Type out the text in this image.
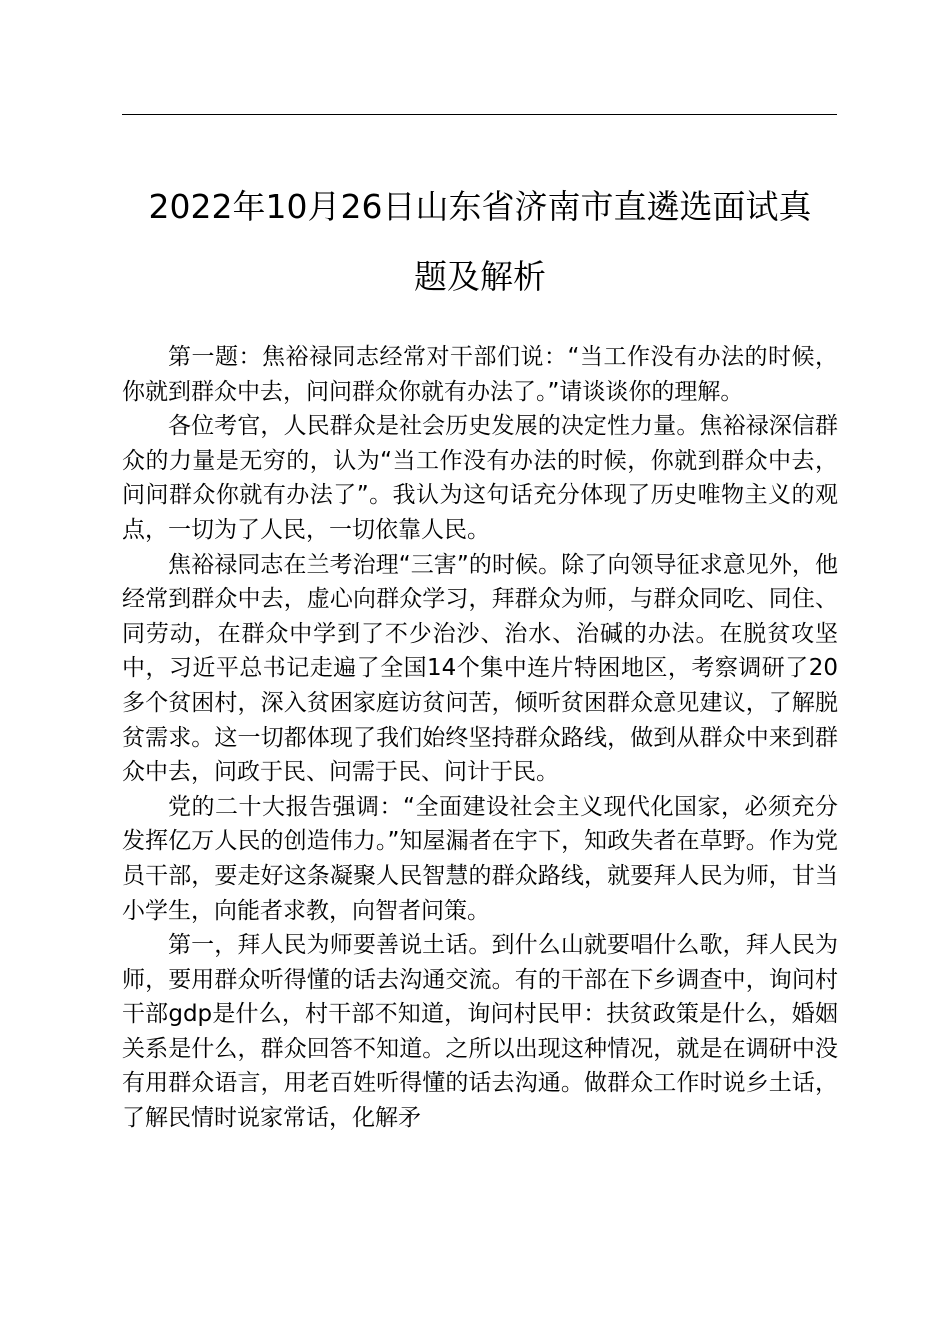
2022年10月26日山东省济南市直遴选面试真
题及解析

第一题：焦裕禄同志经常对干部们说：“当工作没有办法的时候，你就到群众中去，问问群众你就有办法了。”请谈谈你的理解。

各位考官，人民群众是社会历史发展的决定性力量。焦裕禄深信群众的力量是无穷的，认为“当工作没有办法的时候，你就到群众中去，问问群众你就有办法了”。我认为这句话充分体现了历史唯物主义的观点，一切为了人民，一切依靠人民。

焦裕禄同志在兰考治理“三害”的时候。除了向领导征求意见外，他经常到群众中去，虚心向群众学习，拜群众为师，与群众同吃、同住、同劳动，在群众中学到了不少治沙、治水、治碱的办法。在脱贫攻坚中，习近平总书记走遍了全国14个集中连片特困地区，考察调研了20多个贫困村，深入贫困家庭访贫问苦，倾听贫困群众意见建议，了解脱贫需求。这一切都体现了我们始终坚持群众路线，做到从群众中来到群众中去，问政于民、问需于民、问计于民。

党的二十大报告强调：“全面建设社会主义现代化国家，必须充分发挥亿万人民的创造伟力。”知屋漏者在宇下，知政失者在草野。作为党员干部，要走好这条凝聚人民智慧的群众路线，就要拜人民为师，甘当小学生，向能者求教，向智者问策。

第一，拜人民为师要善说土话。到什么山就要唱什么歌，拜人民为师，要用群众听得懂的话去沟通交流。有的干部在下乡调查中，询问村干部gdp是什么，村干部不知道，询问村民甲：扶贫政策是什么，婚姻关系是什么，群众回答不知道。之所以出现这种情况，就是在调研中没有用群众语言，用老百姓听得懂的话去沟通。做群众工作时说乡土话，了解民情时说家常话，化解矛
